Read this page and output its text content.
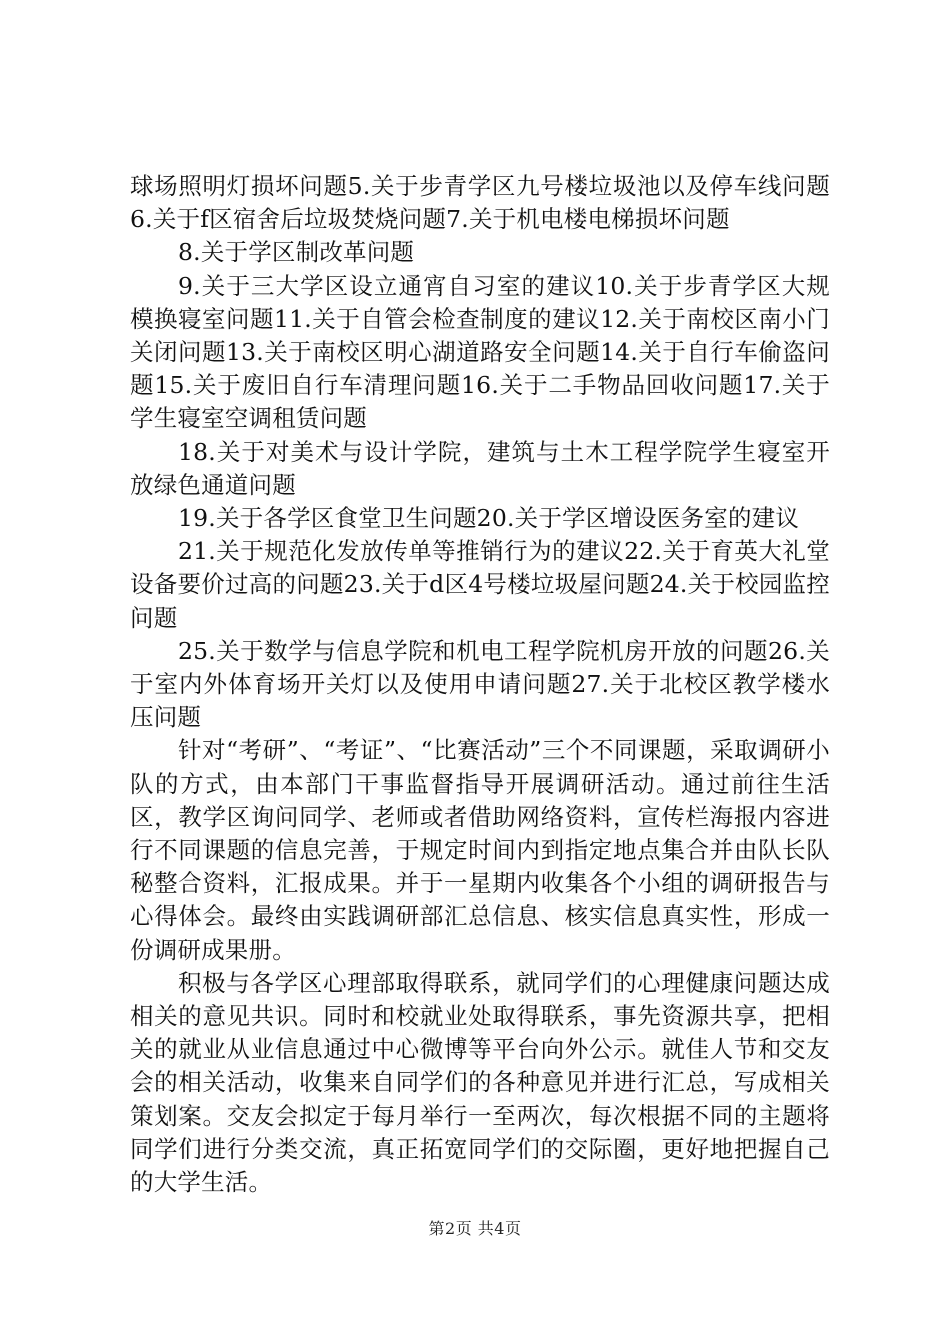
球场照明灯损坏问题5.关于步青学区九号楼垃圾池以及停车线问题6.关于f区宿舍后垃圾焚烧问题7.关于机电楼电梯损坏问题

8.关于学区制改革问题

9.关于三大学区设立通宵自习室的建议10.关于步青学区大规模换寝室问题11.关于自管会检查制度的建议12.关于南校区南小门关闭问题13.关于南校区明心湖道路安全问题14.关于自行车偷盗问题15.关于废旧自行车清理问题16.关于二手物品回收问题17.关于学生寝室空调租赁问题

18.关于对美术与设计学院，建筑与土木工程学院学生寝室开放绿色通道问题

19.关于各学区食堂卫生问题20.关于学区增设医务室的建议

21.关于规范化发放传单等推销行为的建议22.关于育英大礼堂设备要价过高的问题23.关于d区4号楼垃圾屋问题24.关于校园监控问题

25.关于数学与信息学院和机电工程学院机房开放的问题26.关于室内外体育场开关灯以及使用申请问题27.关于北校区教学楼水压问题

针对“考研”、“考证”、“比赛活动”三个不同课题，采取调研小队的方式，由本部门干事监督指导开展调研活动。通过前往生活区，教学区询问同学、老师或者借助网络资料，宣传栏海报内容进行不同课题的信息完善，于规定时间内到指定地点集合并由队长队秘整合资料，汇报成果。并于一星期内收集各个小组的调研报告与心得体会。最终由实践调研部汇总信息、核实信息真实性，形成一份调研成果册。

积极与各学区心理部取得联系，就同学们的心理健康问题达成相关的意见共识。同时和校就业处取得联系，事先资源共享，把相关的就业从业信息通过中心微博等平台向外公示。就佳人节和交友会的相关活动，收集来自同学们的各种意见并进行汇总，写成相关策划案。交友会拟定于每月举行一至两次，每次根据不同的主题将同学们进行分类交流，真正拓宽同学们的交际圈，更好地把握自己的大学生活。

第2页 共4页
